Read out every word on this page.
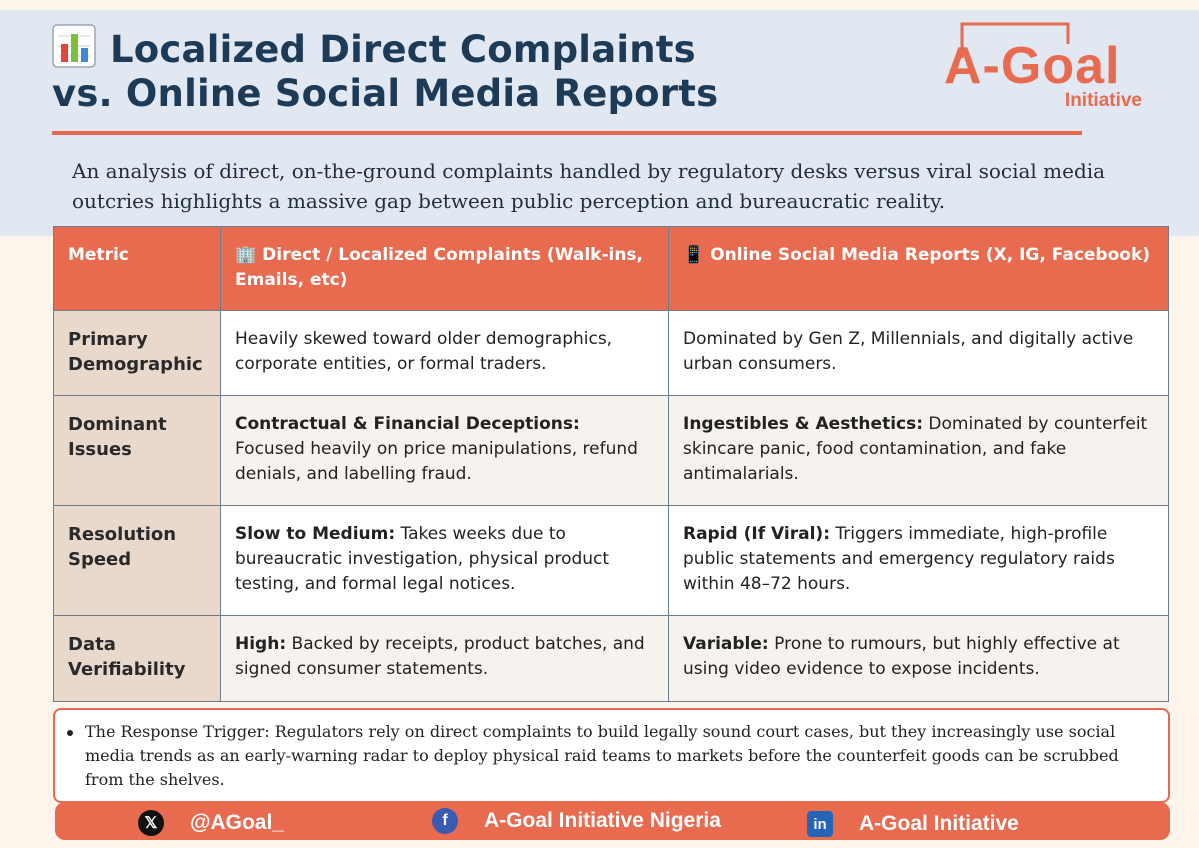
Localized Direct Complaints
vs. Online Social Media Reports	A-Goal
Initiative

An analysis of direct, on-the-ground complaints handled by regulatory desks versus viral social media outcries highlights a massive gap between public perception and bureaucratic reality.

Metric	🏢 Direct / Localized Complaints (Walk-ins, Emails, etc)	📱 Online Social Media Reports (X, IG, Facebook)
Primary Demographic	Heavily skewed toward older demographics, corporate entities, or formal traders.	Dominated by Gen Z, Millennials, and digitally active urban consumers.
Dominant Issues	Contractual & Financial Deceptions: Focused heavily on price manipulations, refund denials, and labelling fraud.	Ingestibles & Aesthetics: Dominated by counterfeit skincare panic, food contamination, and fake antimalarials.
Resolution Speed	Slow to Medium: Takes weeks due to bureaucratic investigation, physical product testing, and formal legal notices.	Rapid (If Viral): Triggers immediate, high-profile public statements and emergency regulatory raids within 48–72 hours.
Data Verifiability	High: Backed by receipts, product batches, and signed consumer statements.	Variable: Prone to rumours, but highly effective at using video evidence to expose incidents.
The Response Trigger: Regulators rely on direct complaints to build legally sound court cases, but they increasingly use social media trends as an early-warning radar to deploy physical raid teams to markets before the counterfeit goods can be scrubbed from the shelves.
𝕏	@AGoal_	f	A-Goal Initiative Nigeria	in	A-Goal Initiative
